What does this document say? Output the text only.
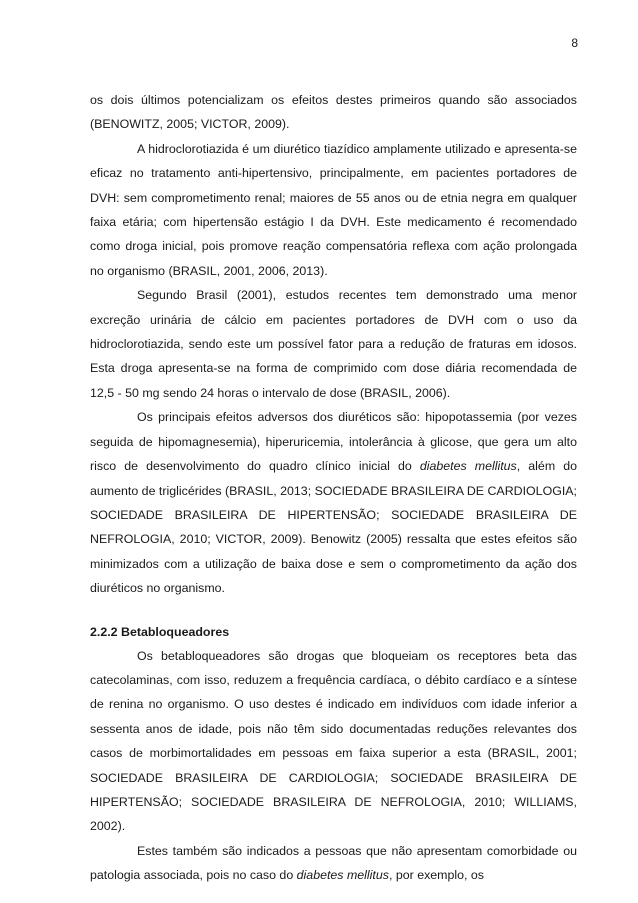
8

os dois últimos potencializam os efeitos destes primeiros quando são associados (BENOWITZ, 2005; VICTOR, 2009).

A hidroclorotiazida é um diurético tiazídico amplamente utilizado e apresenta-se eficaz no tratamento anti-hipertensivo, principalmente, em pacientes portadores de DVH: sem comprometimento renal; maiores de 55 anos ou de etnia negra em qualquer faixa etária; com hipertensão estágio I da DVH. Este medicamento é recomendado como droga inicial, pois promove reação compensatória reflexa com ação prolongada no organismo (BRASIL, 2001, 2006, 2013).

Segundo Brasil (2001), estudos recentes tem demonstrado uma menor excreção urinária de cálcio em pacientes portadores de DVH com o uso da hidroclorotiazida, sendo este um possível fator para a redução de fraturas em idosos. Esta droga apresenta-se na forma de comprimido com dose diária recomendada de 12,5 - 50 mg sendo 24 horas o intervalo de dose (BRASIL, 2006).

Os principais efeitos adversos dos diuréticos são: hipopotassemia (por vezes seguida de hipomagnesemia), hiperuricemia, intolerância à glicose, que gera um alto risco de desenvolvimento do quadro clínico inicial do diabetes mellitus, além do aumento de triglicérides (BRASIL, 2013; SOCIEDADE BRASILEIRA DE CARDIOLOGIA; SOCIEDADE BRASILEIRA DE HIPERTENSÃO; SOCIEDADE BRASILEIRA DE NEFROLOGIA, 2010; VICTOR, 2009). Benowitz (2005) ressalta que estes efeitos são minimizados com a utilização de baixa dose e sem o comprometimento da ação dos diuréticos no organismo.

2.2.2 Betabloqueadores

Os betabloqueadores são drogas que bloqueiam os receptores beta das catecolaminas, com isso, reduzem a frequência cardíaca, o débito cardíaco e a síntese de renina no organismo. O uso destes é indicado em indivíduos com idade inferior a sessenta anos de idade, pois não têm sido documentadas reduções relevantes dos casos de morbimortalidades em pessoas em faixa superior a esta (BRASIL, 2001; SOCIEDADE BRASILEIRA DE CARDIOLOGIA; SOCIEDADE BRASILEIRA DE HIPERTENSÃO; SOCIEDADE BRASILEIRA DE NEFROLOGIA, 2010; WILLIAMS, 2002).

Estes também são indicados a pessoas que não apresentam comorbidade ou patologia associada, pois no caso do diabetes mellitus, por exemplo, os
